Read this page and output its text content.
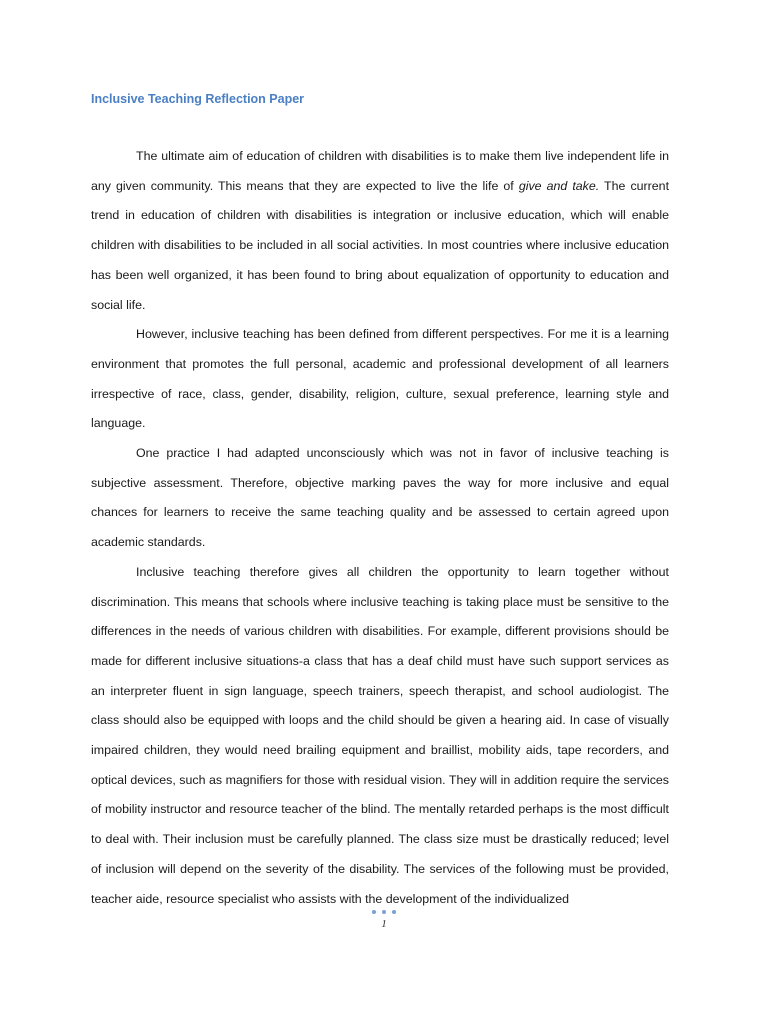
Inclusive Teaching Reflection Paper

The ultimate aim of education of children with disabilities is to make them live independent life in any given community. This means that they are expected to live the life of give and take. The current trend in education of children with disabilities is integration or inclusive education, which will enable children with disabilities to be included in all social activities. In most countries where inclusive education has been well organized, it has been found to bring about equalization of opportunity to education and social life.

However, inclusive teaching has been defined from different perspectives. For me it is a learning environment that promotes the full personal, academic and professional development of all learners irrespective of race, class, gender, disability, religion, culture, sexual preference, learning style and language.

One practice I had adapted unconsciously which was not in favor of inclusive teaching is subjective assessment. Therefore, objective marking paves the way for more inclusive and equal chances for learners to receive the same teaching quality and be assessed to certain agreed upon academic standards.

Inclusive teaching therefore gives all children the opportunity to learn together without discrimination. This means that schools where inclusive teaching is taking place must be sensitive to the differences in the needs of various children with disabilities. For example, different provisions should be made for different inclusive situations-a class that has a deaf child must have such support services as an interpreter fluent in sign language, speech trainers, speech therapist, and school audiologist. The class should also be equipped with loops and the child should be given a hearing aid. In case of visually impaired children, they would need brailing equipment and braillist, mobility aids, tape recorders, and optical devices, such as magnifiers for those with residual vision. They will in addition require the services of mobility instructor and resource teacher of the blind. The mentally retarded perhaps is the most difficult to deal with. Their inclusion must be carefully planned. The class size must be drastically reduced; level of inclusion will depend on the severity of the disability. The services of the following must be provided, teacher aide, resource specialist who assists with the development of the individualized

1
